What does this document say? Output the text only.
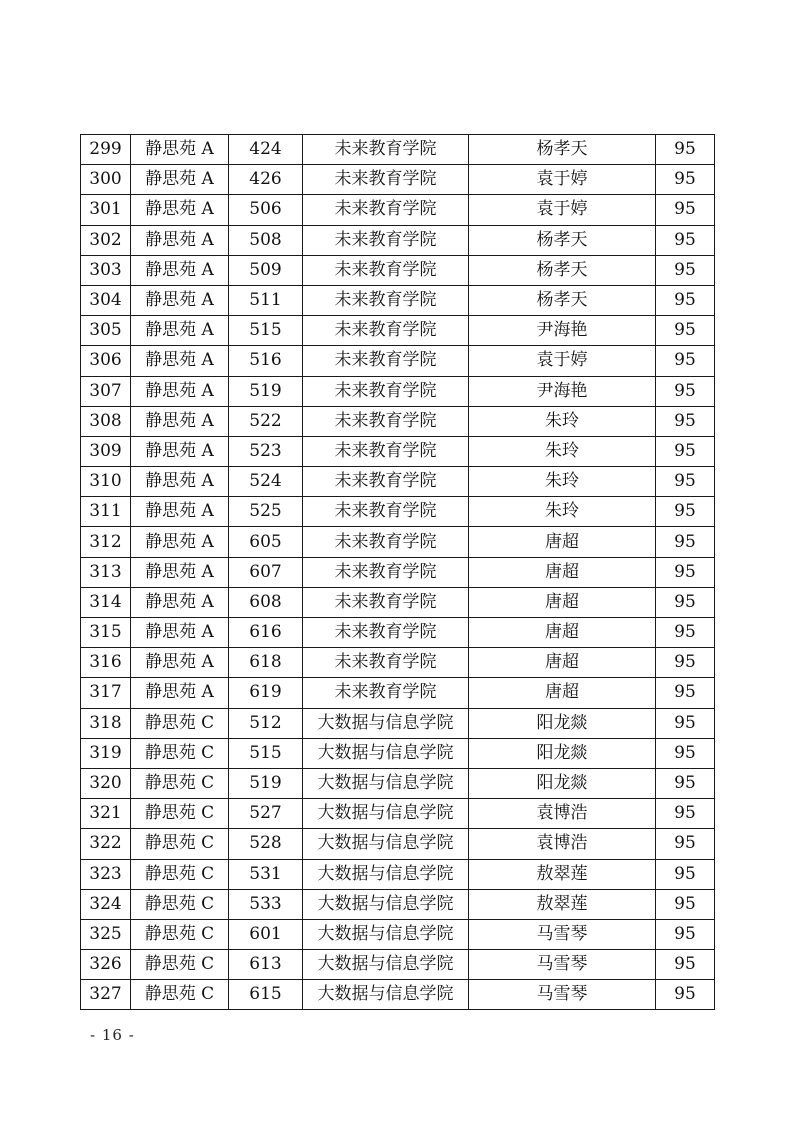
299	静思苑 A	424	未来教育学院	杨孝天	95
300	静思苑 A	426	未来教育学院	袁于婷	95
301	静思苑 A	506	未来教育学院	袁于婷	95
302	静思苑 A	508	未来教育学院	杨孝天	95
303	静思苑 A	509	未来教育学院	杨孝天	95
304	静思苑 A	511	未来教育学院	杨孝天	95
305	静思苑 A	515	未来教育学院	尹海艳	95
306	静思苑 A	516	未来教育学院	袁于婷	95
307	静思苑 A	519	未来教育学院	尹海艳	95
308	静思苑 A	522	未来教育学院	朱玲	95
309	静思苑 A	523	未来教育学院	朱玲	95
310	静思苑 A	524	未来教育学院	朱玲	95
311	静思苑 A	525	未来教育学院	朱玲	95
312	静思苑 A	605	未来教育学院	唐超	95
313	静思苑 A	607	未来教育学院	唐超	95
314	静思苑 A	608	未来教育学院	唐超	95
315	静思苑 A	616	未来教育学院	唐超	95
316	静思苑 A	618	未来教育学院	唐超	95
317	静思苑 A	619	未来教育学院	唐超	95
318	静思苑 C	512	大数据与信息学院	阳龙燚	95
319	静思苑 C	515	大数据与信息学院	阳龙燚	95
320	静思苑 C	519	大数据与信息学院	阳龙燚	95
321	静思苑 C	527	大数据与信息学院	袁博浩	95
322	静思苑 C	528	大数据与信息学院	袁博浩	95
323	静思苑 C	531	大数据与信息学院	敖翠莲	95
324	静思苑 C	533	大数据与信息学院	敖翠莲	95
325	静思苑 C	601	大数据与信息学院	马雪琴	95
326	静思苑 C	613	大数据与信息学院	马雪琴	95
327	静思苑 C	615	大数据与信息学院	马雪琴	95
- 16 -
